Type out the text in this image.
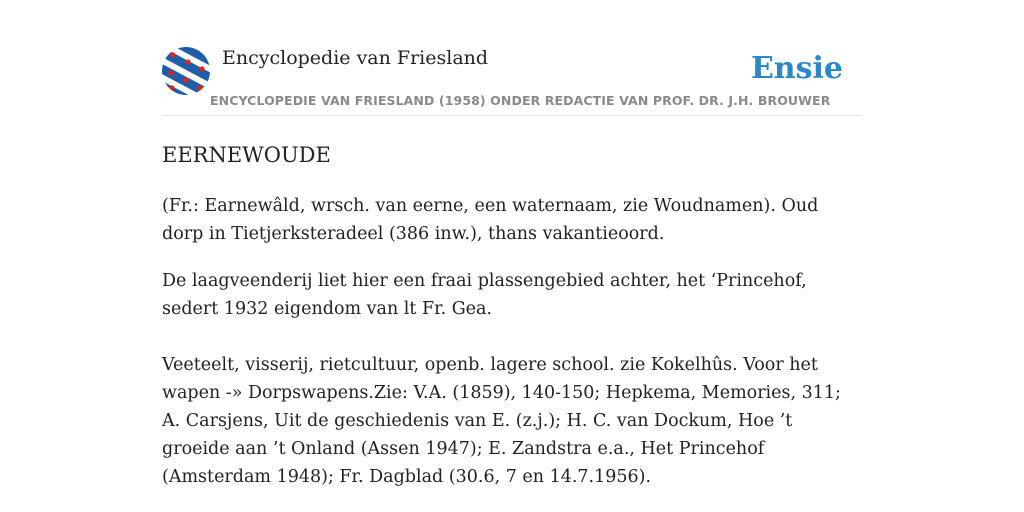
Encyclopedie van Friesland
ENCYCLOPEDIE VAN FRIESLAND (1958) ONDER REDACTIE VAN PROF. DR. J.H. BROUWER
Ensie
EERNEWOUDE

(Fr.: Earnewâld, wrsch. van eerne, een waternaam, zie Woudnamen). Oud dorp in Tietjerksteradeel (386 inw.), thans vakantieoord.

De laagveenderij liet hier een fraai plassengebied achter, het ‘Princehof, sedert 1932 eigendom van lt Fr. Gea.

Veeteelt, visserij, rietcultuur, openb. lagere school. zie Kokelhûs. Voor het wapen -» Dorpswapens.Zie: V.A. (1859), 140-150; Hepkema, Memories, 311; A. Carsjens, Uit de geschiedenis van E. (z.j.); H. C. van Dockum, Hoe ’t groeide aan ’t Onland (Assen 1947); E. Zandstra e.a., Het Princehof (Amsterdam 1948); Fr. Dagblad (30.6, 7 en 14.7.1956).
